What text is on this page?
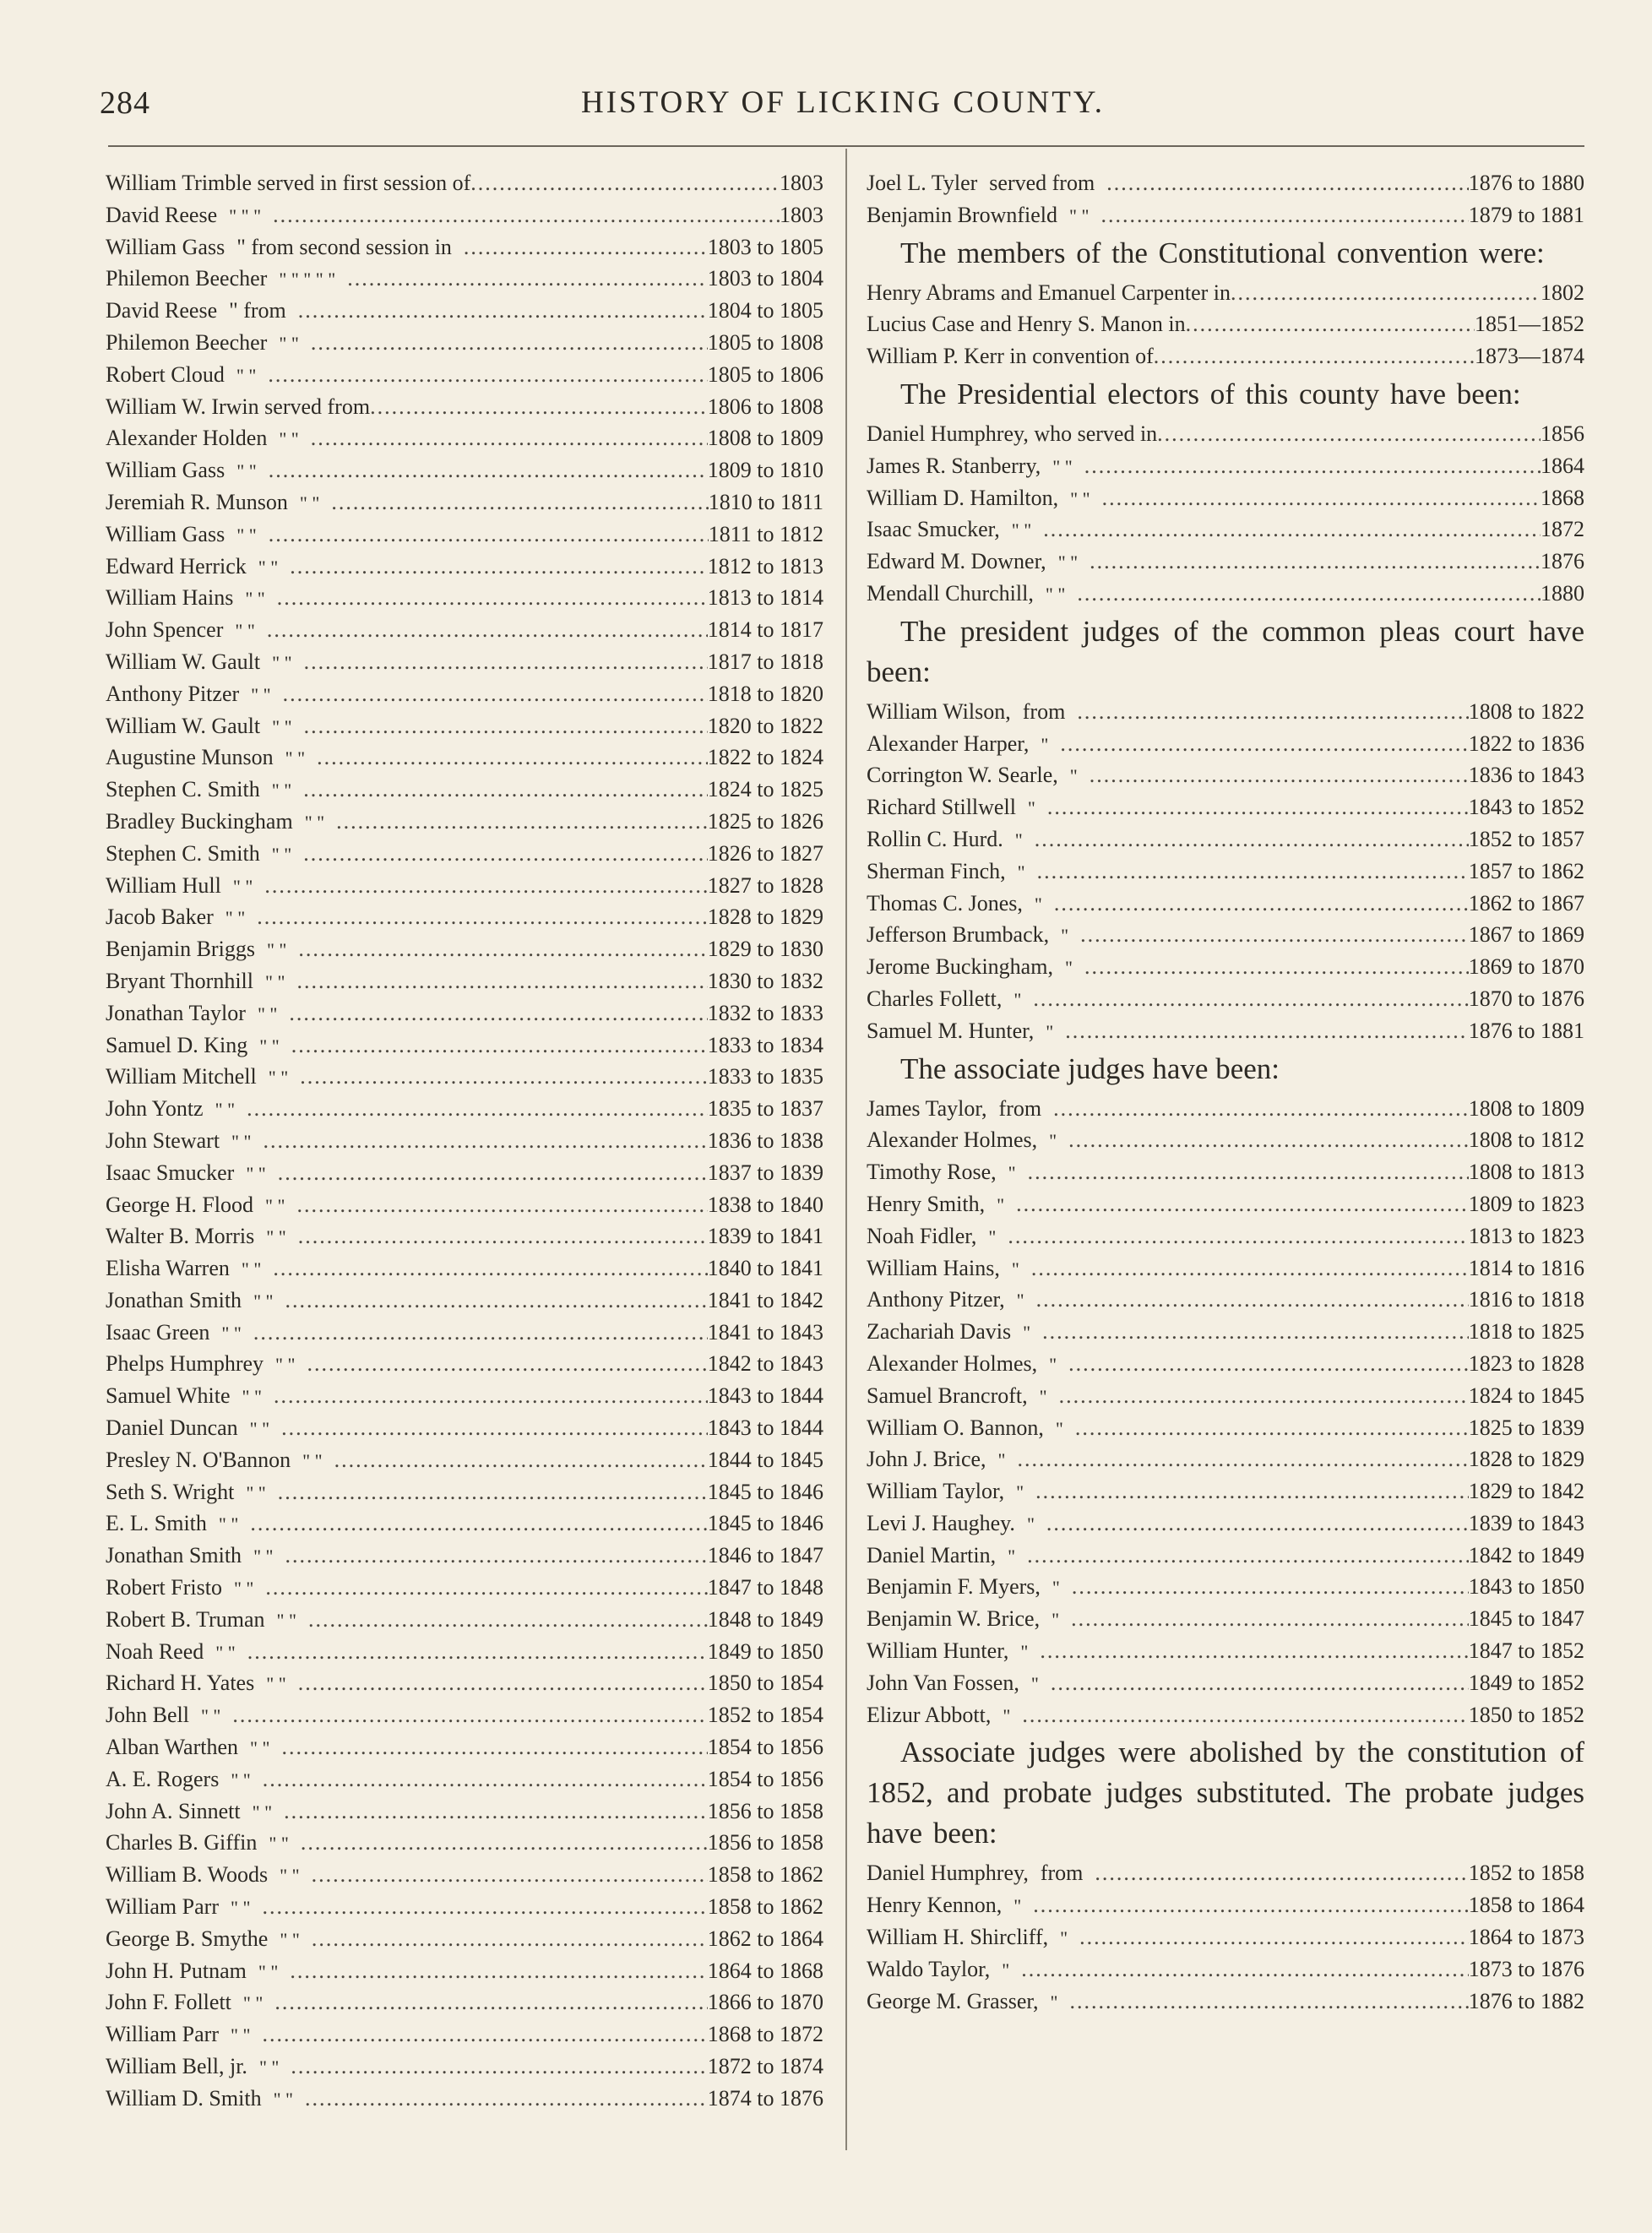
HISTORY OF LICKING COUNTY.
284
William Trimble served in first session of .....	1803
David Reese " " " .....	1803
William Gass " from second session in .....	1803 to 1805
Philemon Beecher " " " " " .....	1803 to 1804
David Reese " from .....	1804 to 1805
Philemon Beecher " " .....	1805 to 1808
Robert Cloud " " .....	1805 to 1806
William W. Irwin served from .....	1806 to 1808
Alexander Holden " " .....	1808 to 1809
William Gass " " .....	1809 to 1810
Jeremiah R. Munson " " .....	1810 to 1811
William Gass " " .....	1811 to 1812
Edward Herrick " " .....	1812 to 1813
William Hains " " .....	1813 to 1814
John Spencer " " .....	1814 to 1817
William W. Gault " " .....	1817 to 1818
Anthony Pitzer " " .....	1818 to 1820
William W. Gault " " .....	1820 to 1822
Augustine Munson " " .....	1822 to 1824
Stephen C. Smith " " .....	1824 to 1825
Bradley Buckingham " " .....	1825 to 1826
Stephen C. Smith " " .....	1826 to 1827
William Hull " " .....	1827 to 1828
Jacob Baker " " .....	1828 to 1829
Benjamin Briggs " " .....	1829 to 1830
Bryant Thornhill " " .....	1830 to 1832
Jonathan Taylor " " .....	1832 to 1833
Samuel D. King " " .....	1833 to 1834
William Mitchell " " .....	1833 to 1835
John Yontz " " .....	1835 to 1837
John Stewart " " .....	1836 to 1838
Isaac Smucker " " .....	1837 to 1839
George H. Flood " " .....	1838 to 1840
Walter B. Morris " " .....	1839 to 1841
Elisha Warren " " .....	1840 to 1841
Jonathan Smith " " .....	1841 to 1842
Isaac Green " " .....	1841 to 1843
Phelps Humphrey " " .....	1842 to 1843
Samuel White " " .....	1843 to 1844
Daniel Duncan " " .....	1843 to 1844
Presley N. O'Bannon " " .....	1844 to 1845
Seth S. Wright " " .....	1845 to 1846
E. L. Smith " " .....	1845 to 1846
Jonathan Smith " " .....	1846 to 1847
Robert Fristo " " .....	1847 to 1848
Robert B. Truman " " .....	1848 to 1849
Noah Reed " " .....	1849 to 1850
Richard H. Yates " " .....	1850 to 1854
John Bell " " .....	1852 to 1854
Alban Warthen " " .....	1854 to 1856
A. E. Rogers " " .....	1854 to 1856
John A. Sinnett " " .....	1856 to 1858
Charles B. Giffin " " .....	1856 to 1858
William B. Woods " " .....	1858 to 1862
William Parr " " .....	1858 to 1862
George B. Smythe " " .....	1862 to 1864
John H. Putnam " " .....	1864 to 1868
John F. Follett " " .....	1866 to 1870
William Parr " " .....	1868 to 1872
William Bell, jr. " " .....	1872 to 1874
William D. Smith " " .....	1874 to 1876
Joel L. Tyler served from .....	1876 to 1880
Benjamin Brownfield " " .....	1879 to 1881
The members of the Constitutional convention were:
Henry Abrams and Emanuel Carpenter in .....	1802
Lucius Case and Henry S. Manon in .....	1851—1852
William P. Kerr in convention of .....	1873—1874
The Presidential electors of this county have been:
Daniel Humphrey, who served in .....	1856
James R. Stanberry, " " .....	1864
William D. Hamilton, " " .....	1868
Isaac Smucker, " " .....	1872
Edward M. Downer, " " .....	1876
Mendall Churchill, " " .....	1880
The president judges of the common pleas court have been:
William Wilson, from .....	1808 to 1822
Alexander Harper, " .....	1822 to 1836
Corrington W. Searle, " .....	1836 to 1843
Richard Stillwell " .....	1843 to 1852
Rollin C. Hurd. " .....	1852 to 1857
Sherman Finch, " .....	1857 to 1862
Thomas C. Jones, " .....	1862 to 1867
Jefferson Brumback, " .....	1867 to 1869
Jerome Buckingham, " .....	1869 to 1870
Charles Follett, " .....	1870 to 1876
Samuel M. Hunter, " .....	1876 to 1881
The associate judges have been:
James Taylor, from .....	1808 to 1809
Alexander Holmes, " .....	1808 to 1812
Timothy Rose, " .....	1808 to 1813
Henry Smith, " .....	1809 to 1823
Noah Fidler, " .....	1813 to 1823
William Hains, " .....	1814 to 1816
Anthony Pitzer, " .....	1816 to 1818
Zachariah Davis " .....	1818 to 1825
Alexander Holmes, " .....	1823 to 1828
Samuel Brancroft, " .....	1824 to 1845
William O. Bannon, " .....	1825 to 1839
John J. Brice, " .....	1828 to 1829
William Taylor, " .....	1829 to 1842
Levi J. Haughey. " .....	1839 to 1843
Daniel Martin, " .....	1842 to 1849
Benjamin F. Myers, " .....	1843 to 1850
Benjamin W. Brice, " .....	1845 to 1847
William Hunter, " .....	1847 to 1852
John Van Fossen, " .....	1849 to 1852
Elizur Abbott, " .....	1850 to 1852
Associate judges were abolished by the constitution of 1852, and probate judges substituted. The probate judges have been:
Daniel Humphrey, from .....	1852 to 1858
Henry Kennon, " .....	1858 to 1864
William H. Shircliff, " .....	1864 to 1873
Waldo Taylor, " .....	1873 to 1876
George M. Grasser, " .....	1876 to 1882
